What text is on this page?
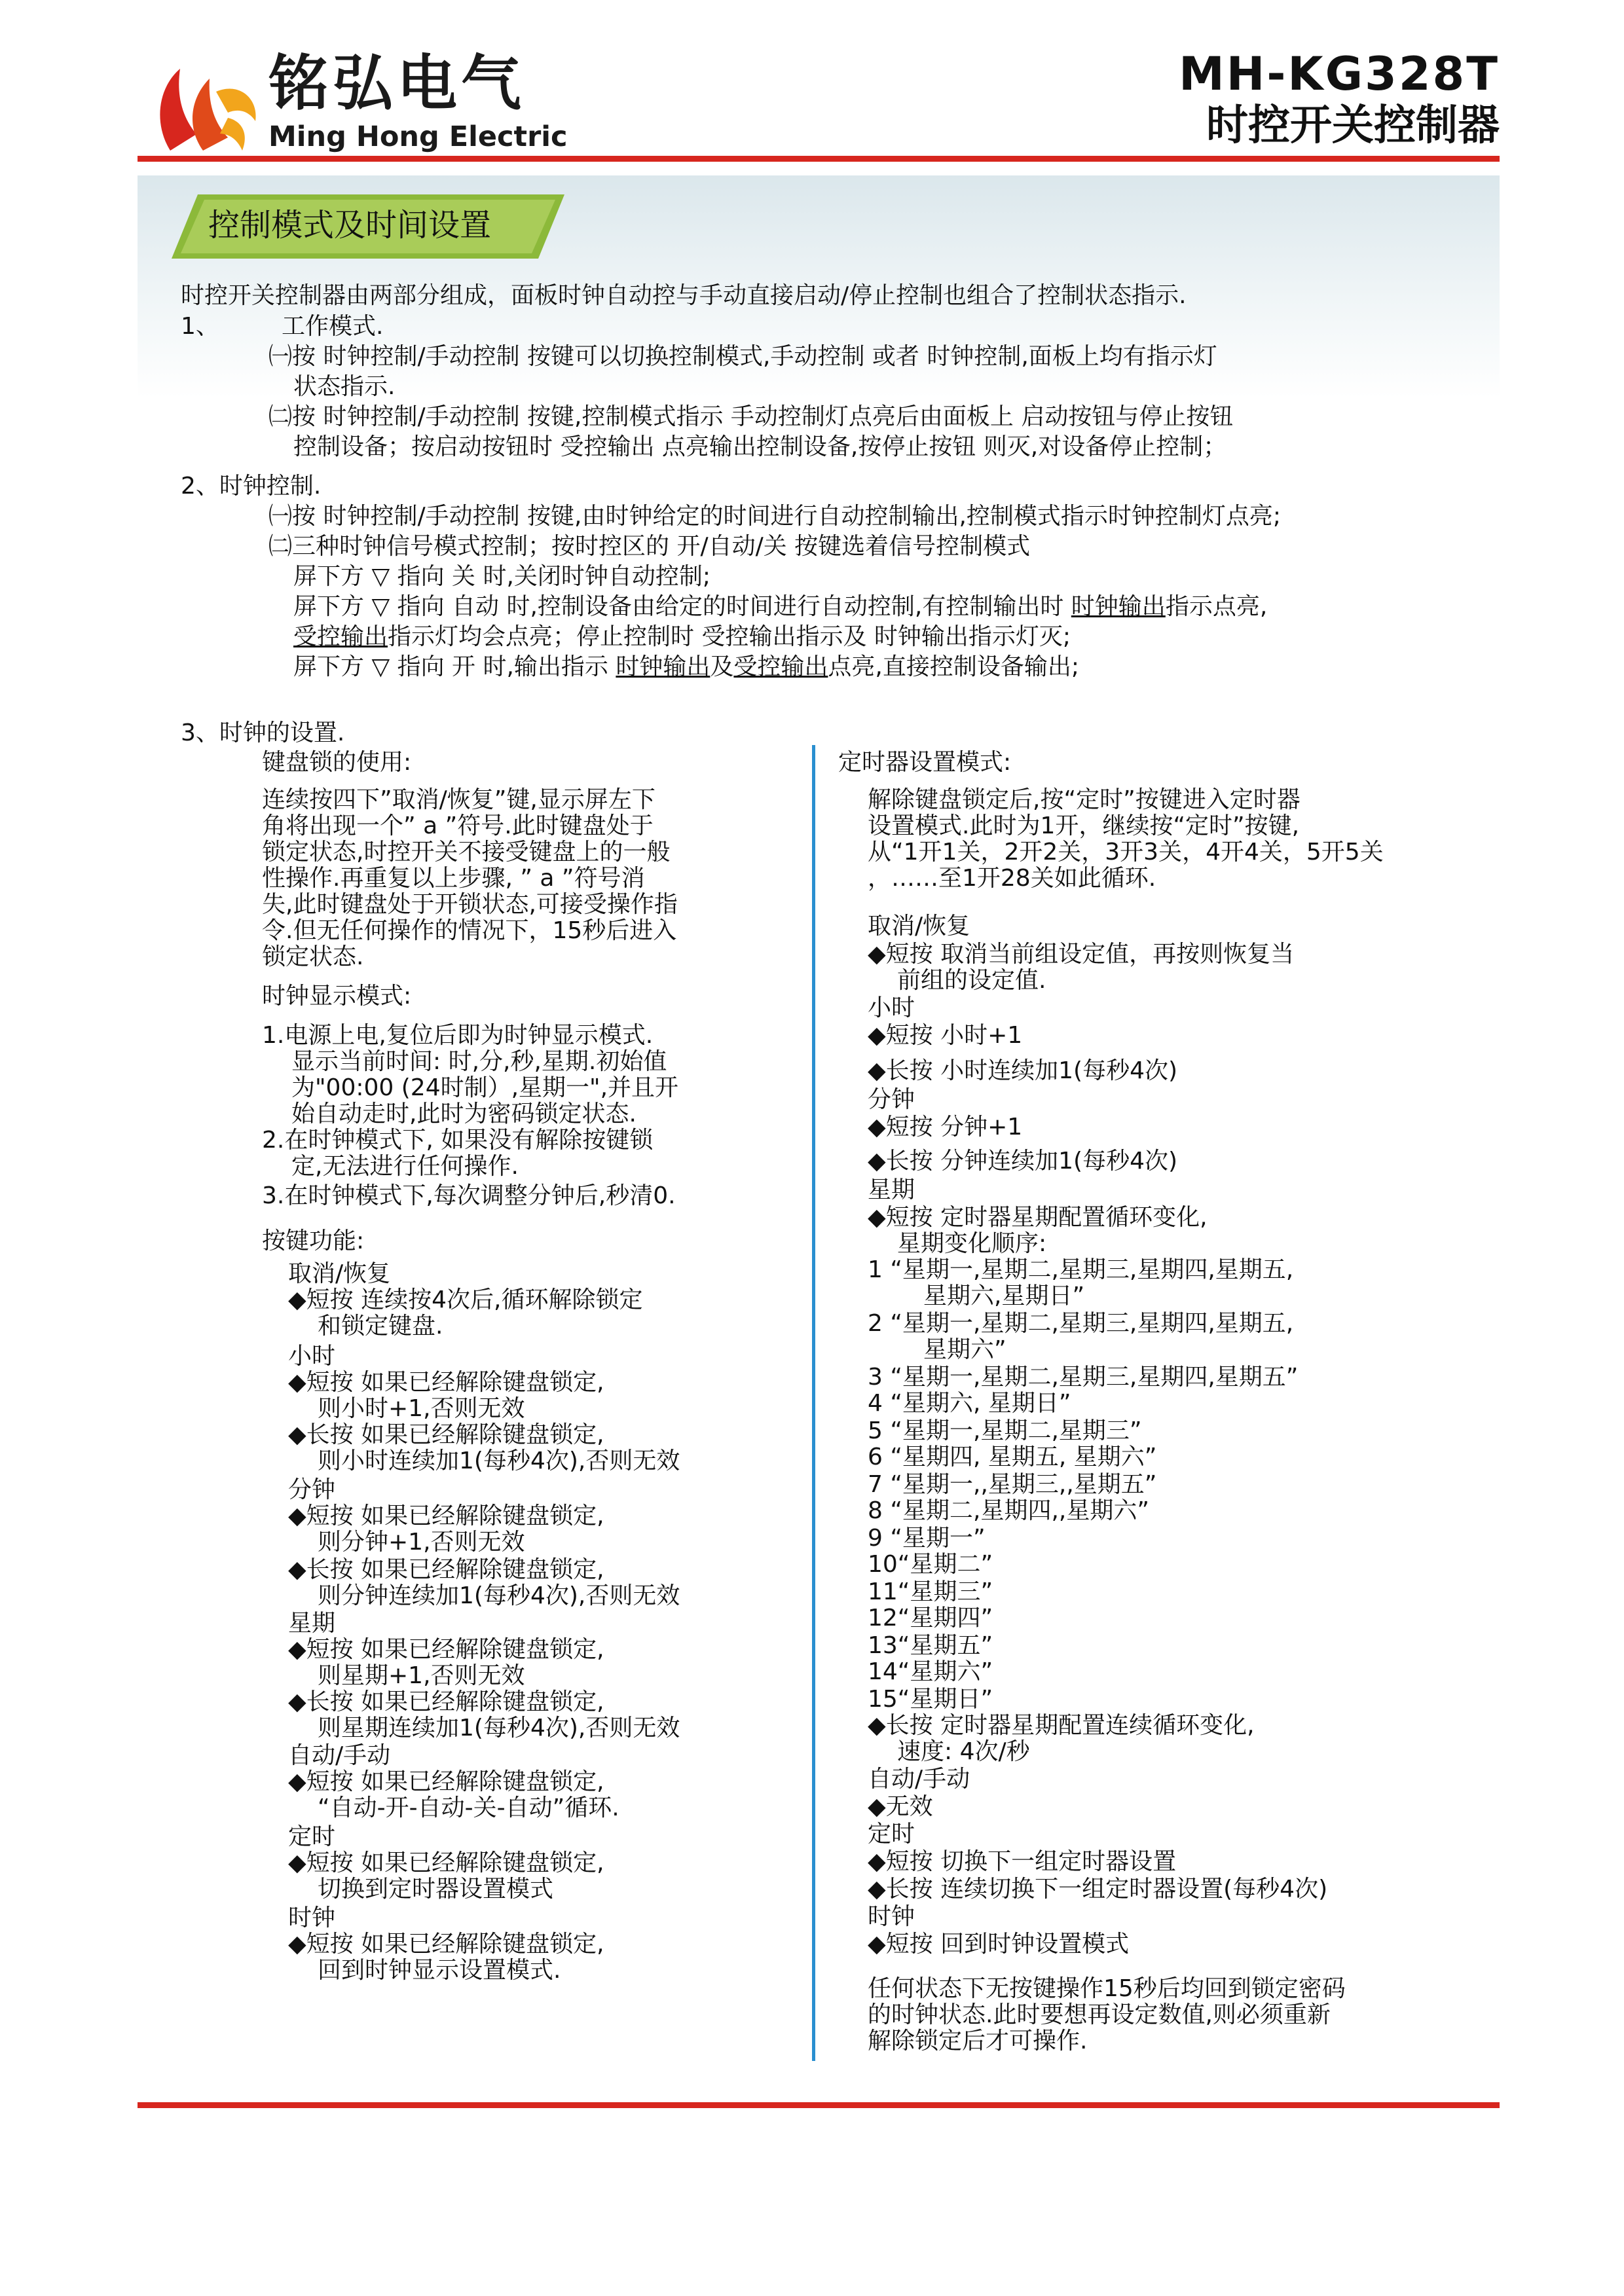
铭弘电气
Ming Hong Electric
MH-KG328T
时控开关控制器
控制模式及时间设置
时控开关控制器由两部分组成，面板时钟自动控与手动直接启动/停止控制也组合了控制状态指示.
1、	工作模式.
㈠按 时钟控制/手动控制 按键可以切换控制模式,手动控制 或者 时钟控制,面板上均有指示灯
状态指示.
㈡按 时钟控制/手动控制 按键,控制模式指示 手动控制灯点亮后由面板上 启动按钮与停止按钮
控制设备；按启动按钮时 受控输出 点亮输出控制设备,按停止按钮 则灭,对设备停止控制；
2、时钟控制.
㈠按 时钟控制/手动控制 按键,由时钟给定的时间进行自动控制输出,控制模式指示时钟控制灯点亮;
㈡三种时钟信号模式控制；按时控区的 开/自动/关 按键选着信号控制模式
屏下方 ▽ 指向 关 时,关闭时钟自动控制;
屏下方 ▽ 指向 自动 时,控制设备由给定的时间进行自动控制,有控制输出时 时钟输出指示点亮,
受控输出指示灯均会点亮；停止控制时 受控输出指示及 时钟输出指示灯灭;
屏下方 ▽ 指向 开 时,输出指示 时钟输出及受控输出点亮,直接控制设备输出;
3、时钟的设置.
键盘锁的使用:
连续按四下”取消/恢复”键,显示屏左下
角将出现一个” a ”符号.此时键盘处于
锁定状态,时控开关不接受键盘上的一般
性操作.再重复以上步骤, ” a ”符号消
失,此时键盘处于开锁状态,可接受操作指
令.但无任何操作的情况下，15秒后进入
锁定状态.
时钟显示模式:
1.电源上电,复位后即为时钟显示模式.
显示当前时间: 时,分,秒,星期.初始值
为"00:00 (24时制）,星期一",并且开
始自动走时,此时为密码锁定状态.
2.在时钟模式下, 如果没有解除按键锁
定,无法进行任何操作.
3.在时钟模式下,每次调整分钟后,秒清0.
按键功能:
取消/恢复
◆短按 连续按4次后,循环解除锁定
和锁定键盘.
小时
◆短按 如果已经解除键盘锁定,
则小时+1,否则无效
◆长按 如果已经解除键盘锁定,
则小时连续加1(每秒4次),否则无效
分钟
◆短按 如果已经解除键盘锁定,
则分钟+1,否则无效
◆长按 如果已经解除键盘锁定,
则分钟连续加1(每秒4次),否则无效
星期
◆短按 如果已经解除键盘锁定,
则星期+1,否则无效
◆长按 如果已经解除键盘锁定,
则星期连续加1(每秒4次),否则无效
自动/手动
◆短按 如果已经解除键盘锁定,
“自动-开-自动-关-自动”循环.
定时
◆短按 如果已经解除键盘锁定,
切换到定时器设置模式
时钟
◆短按 如果已经解除键盘锁定,
回到时钟显示设置模式.
定时器设置模式:
解除键盘锁定后,按“定时”按键进入定时器
设置模式.此时为1开，继续按“定时”按键,
从“1开1关，2开2关，3开3关，4开4关，5开5关
，……至1开28关如此循环.
取消/恢复
◆短按 取消当前组设定值，再按则恢复当
前组的设定值.
小时
◆短按 小时+1
◆长按 小时连续加1(每秒4次)
分钟
◆短按 分钟+1
◆长按 分钟连续加1(每秒4次)
星期
◆短按 定时器星期配置循环变化,
星期变化顺序:
1 “星期一,星期二,星期三,星期四,星期五,
星期六,星期日”
2 “星期一,星期二,星期三,星期四,星期五,
星期六”
3 “星期一,星期二,星期三,星期四,星期五”
4 “星期六, 星期日”
5 “星期一,星期二,星期三”
6 “星期四, 星期五, 星期六”
7 “星期一,,星期三,,星期五”
8 “星期二,星期四,,星期六”
9 “星期一”
10“星期二”
11“星期三”
12“星期四”
13“星期五”
14“星期六”
15“星期日”
◆长按 定时器星期配置连续循环变化,
速度: 4次/秒
自动/手动
◆无效
定时
◆短按 切换下一组定时器设置
◆长按 连续切换下一组定时器设置(每秒4次)
时钟
◆短按 回到时钟设置模式
任何状态下无按键操作15秒后均回到锁定密码
的时钟状态.此时要想再设定数值,则必须重新
解除锁定后才可操作.
